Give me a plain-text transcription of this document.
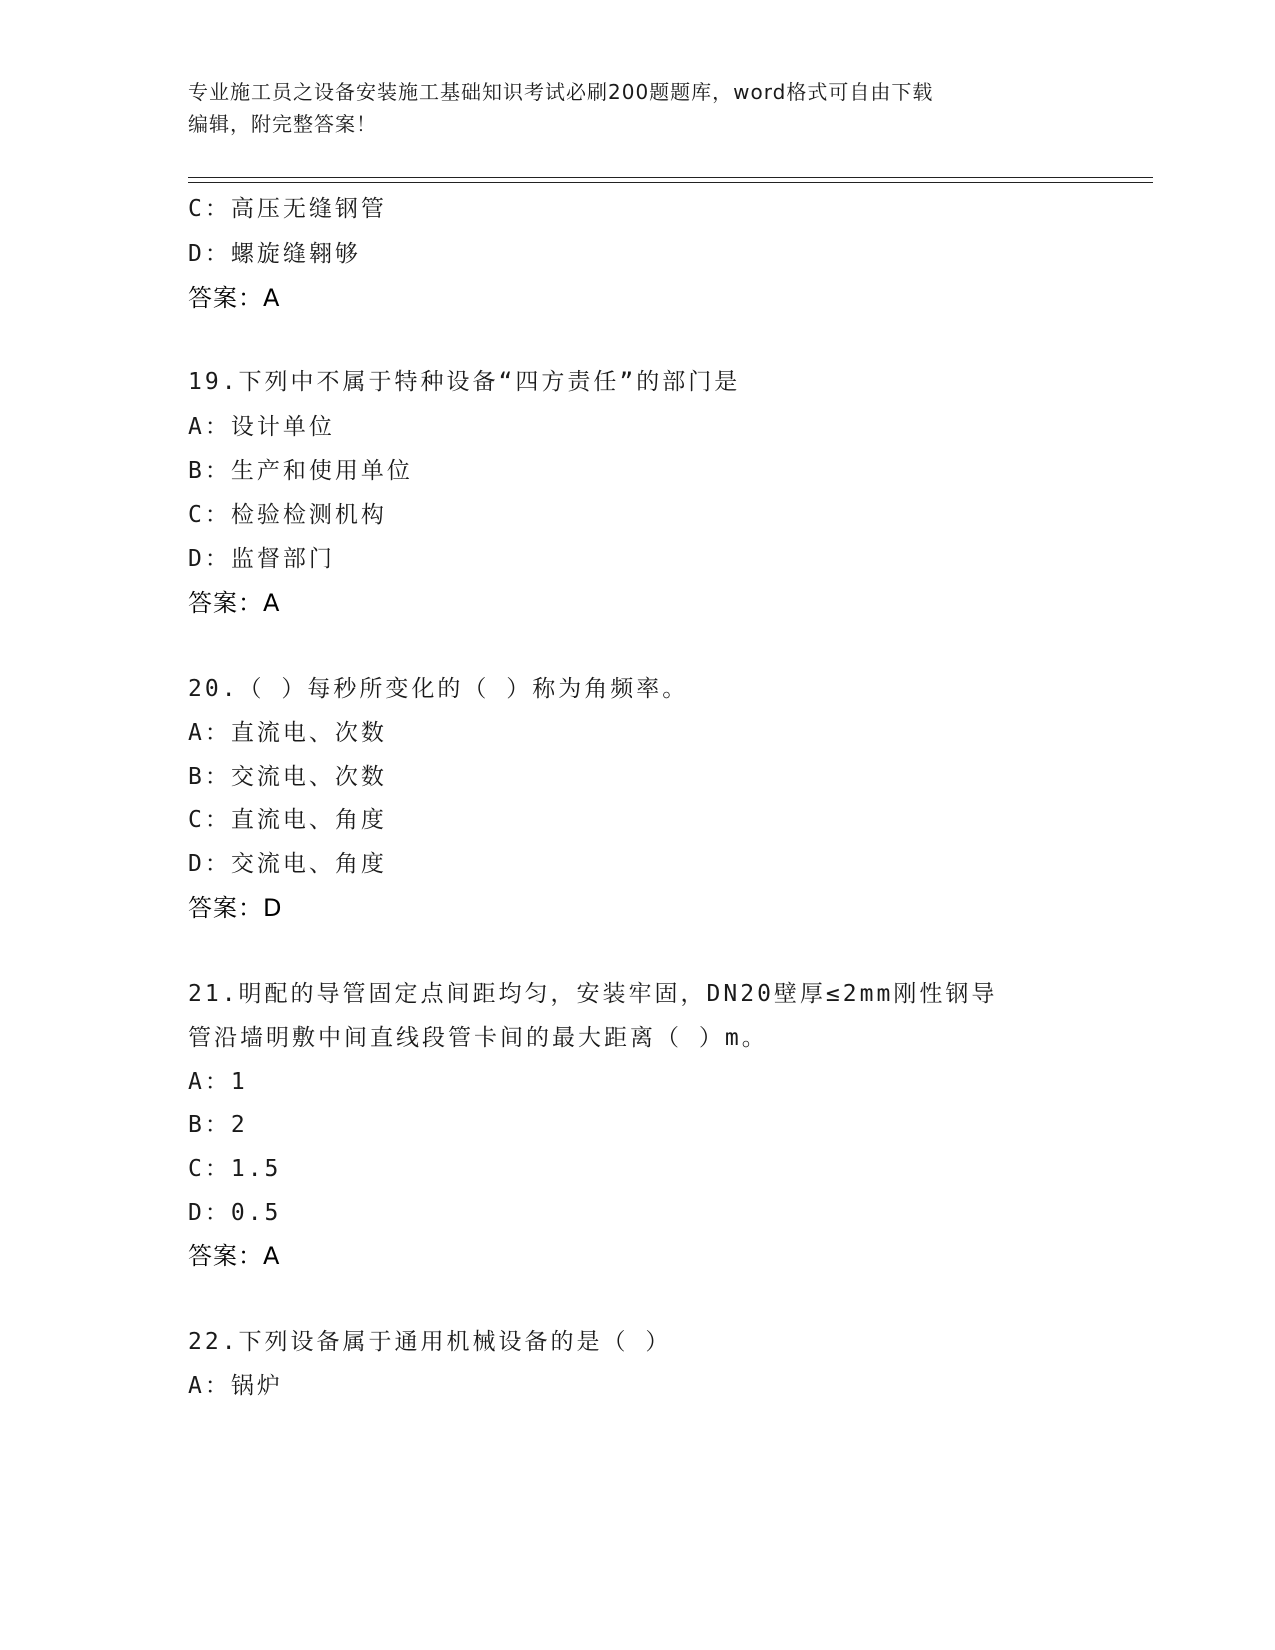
专业施工员之设备安装施工基础知识考试必刷200题题库，word格式可自由下载
编辑，附完整答案！
C：高压无缝钢管
D：螺旋缝翱够
答案：A
19.下列中不属于特种设备“四方责任”的部门是
A：设计单位
B：生产和使用单位
C：检验检测机构
D：监督部门
答案：A
20.（ ）每秒所变化的（ ）称为角频率。
A：直流电、次数
B：交流电、次数
C：直流电、角度
D：交流电、角度
答案：D
21.明配的导管固定点间距均匀，安装牢固，DN20壁厚≤2mm刚性钢导
管沿墙明敷中间直线段管卡间的最大距离（ ）m。
A：1
B：2
C：1.5
D：0.5
答案：A
22.下列设备属于通用机械设备的是（ ）
A：锅炉
